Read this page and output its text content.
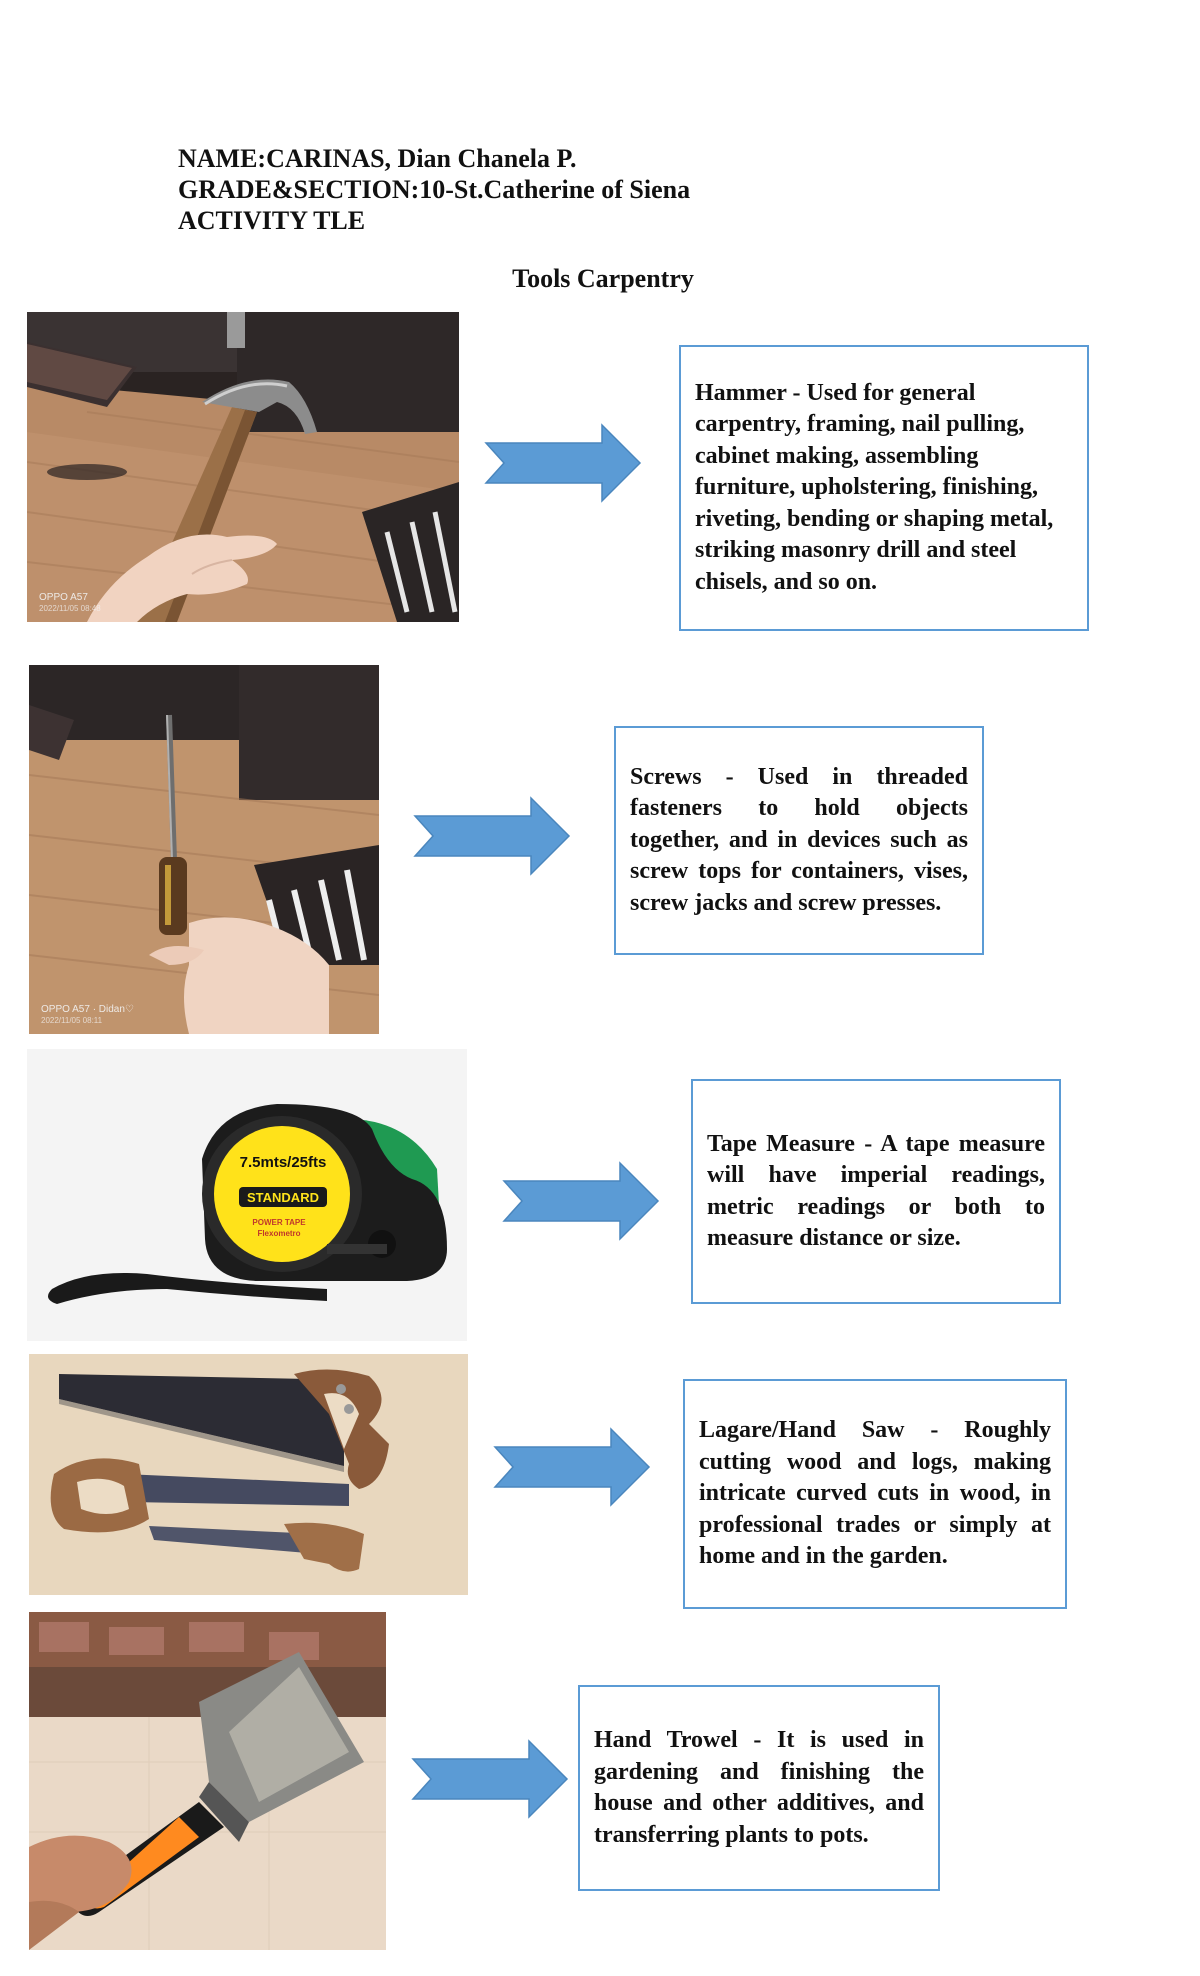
NAME:CARINAS, Dian Chanela P.
GRADE&SECTION:10-St.Catherine of Siena
ACTIVITY TLE
Tools Carpentry
OPPO A57
2022/11/05 08:48

Hammer - Used for general carpentry, framing, nail pulling, cabinet making, assembling furniture, upholstering, finishing, riveting, bending or shaping metal, striking masonry drill and steel chisels, and so on.

OPPO A57 · Didan♡
2022/11/05 08:11

Screws - Used in threaded fasteners to hold objects together, and in devices such as screw tops for containers, vises, screw jacks and screw presses.

7.5mts/25fts
STANDARD
POWER TAPE
Flexometro

Tape Measure - A tape measure will have imperial readings, metric readings or both to measure distance or size.

Lagare/Hand Saw - Roughly cutting wood and logs, making intricate curved cuts in wood, in professional trades or simply at home and in the garden.

Hand Trowel - It is used in gardening and finishing the house and other additives, and transferring plants to pots.
